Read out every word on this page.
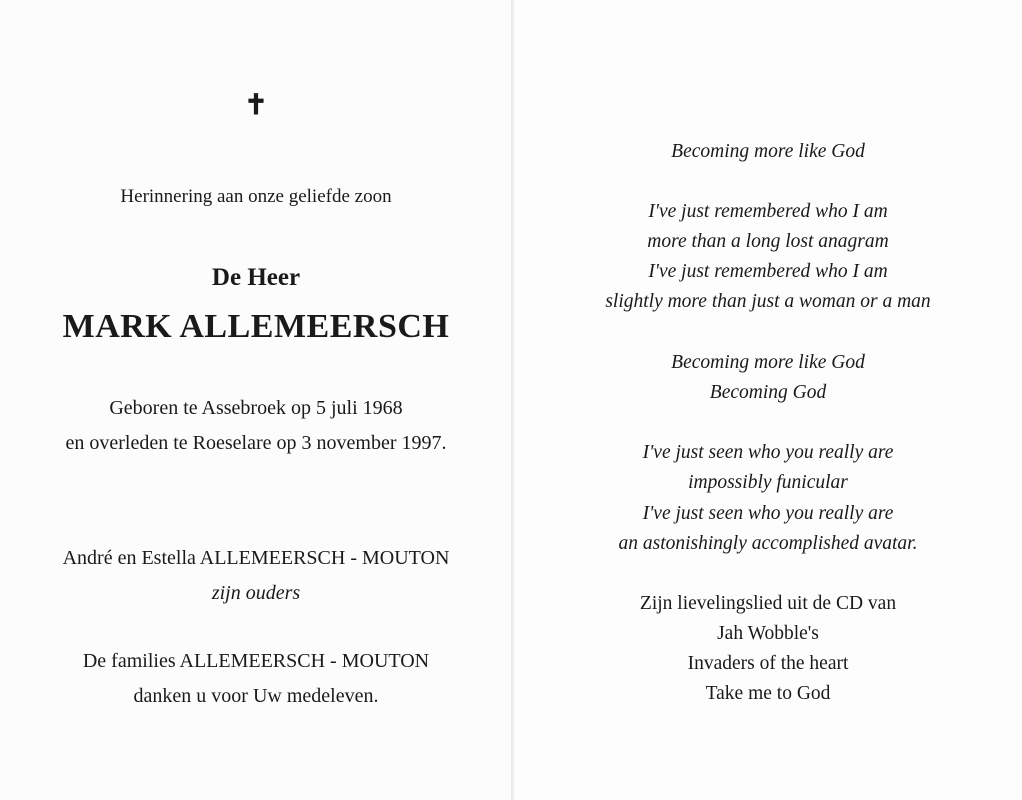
✝
Herinnering aan onze geliefde zoon
De Heer
MARK ALLEMEERSCH
Geboren te Assebroek op 5 juli 1968
en overleden te Roeselare op 3 november 1997.
André en Estella ALLEMEERSCH - MOUTON
zijn ouders
De families ALLEMEERSCH - MOUTON
danken u voor Uw medeleven.
Becoming more like God
I've just remembered who I am
more than a long lost anagram
I've just remembered who I am
slightly more than just a woman or a man
Becoming more like God
Becoming God
I've just seen who you really are
impossibly funicular
I've just seen who you really are
an astonishingly accomplished avatar.
Zijn lievelingslied uit de CD van
Jah Wobble's
Invaders of the heart
Take me to God
